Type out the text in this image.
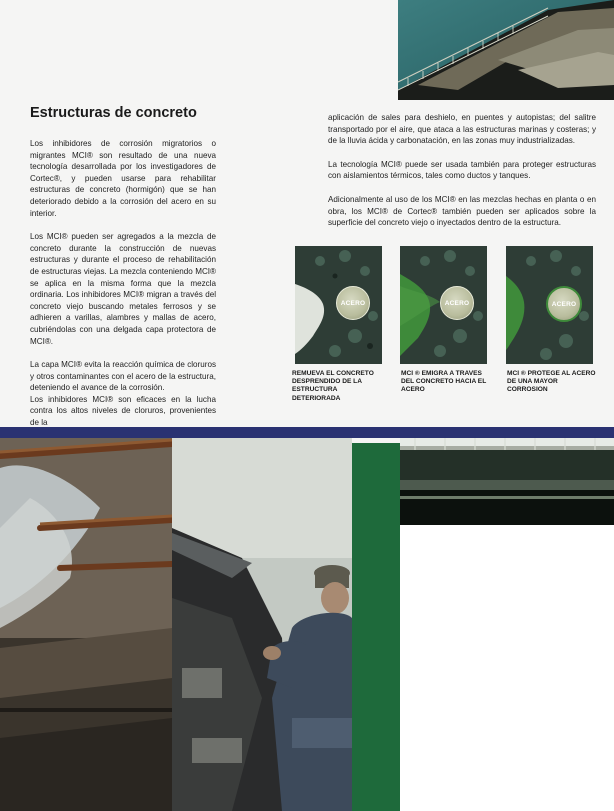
Estructuras de concreto

Los inhibidores de corrosión migratorios o migrantes MCI® son resultado de una nueva tecnología desarrollada por los investigadores de Cortec®, y pueden usarse para rehabilitar estructuras de concreto (hormigón) que se han deteriorado debido a la corrosión del acero en su interior.

Los MCI® pueden ser agregados a la mezcla de concreto durante la construcción de nuevas estructuras y durante el proceso de rehabilitación de estructuras viejas. La mezcla conteniendo MCI® se aplica en la misma forma que la mezcla ordinaria. Los inhibidores MCI® migran a través del concreto viejo buscando metales ferrosos y se adhieren a varillas, alambres y mallas de acero, cubriéndolas con una delgada capa protectora de MCI®.

La capa MCI® evita la reacción química de cloruros y otros contaminantes con el acero de la estructura, deteniendo el avance de la corrosión.

Los inhibidores MCI® son eficaces en la lucha contra los altos niveles de cloruros, provenientes de la

aplicación de sales para deshielo, en puentes y autopistas; del salitre transportado por el aire, que ataca a las estructuras marinas y costeras; y de la lluvia ácida y carbonatación, en las zonas muy industrializadas.

La tecnología MCI® puede ser usada también para proteger estructuras con aislamientos térmicos, tales como ductos y tanques.

Adicionalmente al uso de los MCI® en las mezclas hechas en planta o en obra, los MCI® de Cortec® también pueden ser aplicados sobre la superficie del concreto viejo o inyectados dentro de la estructura.

ACERO	ACERO	ACERO
REMUEVA EL CONCRETO DESPRENDIDO DE LA ESTRUCTURA DETERIORADA
MCI ® EMIGRA A TRAVES DEL CONCRETO HACIA EL ACERO
MCI ® PROTEGE AL ACERO DE UNA MAYOR CORROSION
